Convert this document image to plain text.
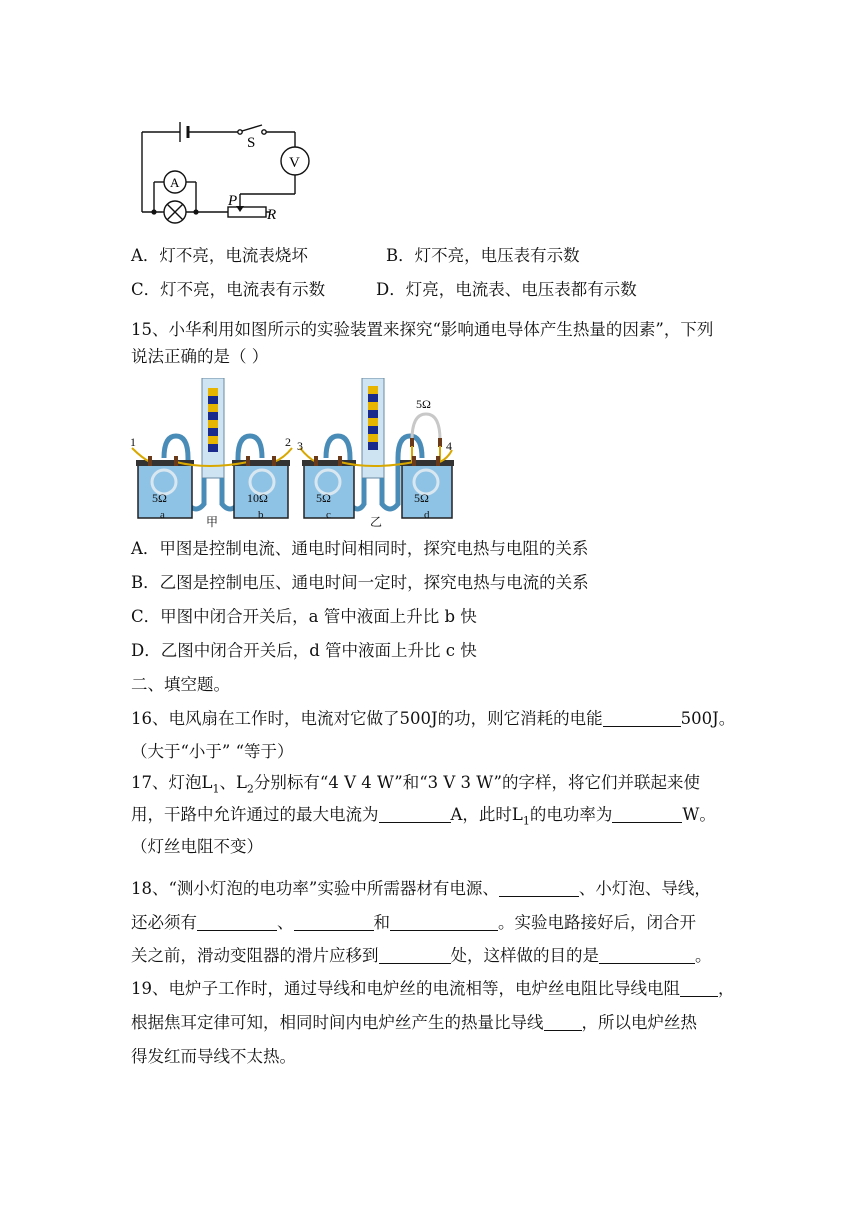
S
V
A
P
R
A．灯不亮，电流表烧坏	B．灯不亮，电压表有示数
C．灯不亮，电流表有示数	D．灯亮，电流表、电压表都有示数
15、小华利用如图所示的实验装置来探究“影响通电导体产生热量的因素”，下列
说法正确的是（ ）
1	2 3	4
5Ω	10Ω	5Ω	5Ω
5Ω
a	b	c	d
甲	乙
A．甲图是控制电流、通电时间相同时，探究电热与电阻的关系
B．乙图是控制电压、通电时间一定时，探究电热与电流的关系
C．甲图中闭合开关后，a 管中液面上升比 b 快
D．乙图中闭合开关后，d 管中液面上升比 c 快
二、填空题。
16、电风扇在工作时，电流对它做了500J的功，则它消耗的电能	500J。
（大于“小于” “等于）
17、灯泡$L_1$、$L_2$分别标有“4 V 4 W”和“3 V 3 W”的字样，将它们并联起来使
用，干路中允许通过的最大电流为	A，此时$L_1$的电功率为	W。
（灯丝电阻不变）
18、“测小灯泡的电功率”实验中所需器材有电源、	、小灯泡、导线，
还必须有	、	和	。实验电路接好后，闭合开
关之前，滑动变阻器的滑片应移到	处，这样做的目的是	。
19、电炉子工作时，通过导线和电炉丝的电流相等，电炉丝电阻比导线电阻 ，
根据焦耳定律可知，相同时间内电炉丝产生的热量比导线 ，所以电炉丝热
得发红而导线不太热。
